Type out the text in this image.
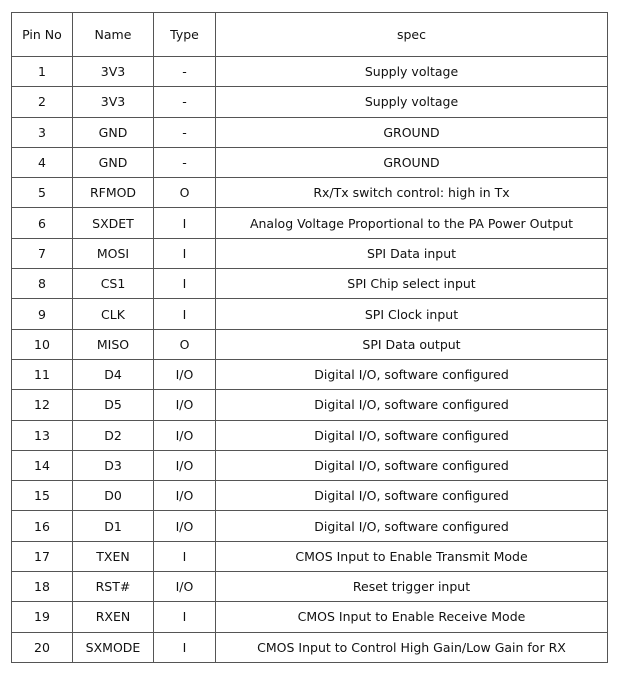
Pin No	Name	Type	spec
1	3V3	-	Supply voltage
2	3V3	-	Supply voltage
3	GND	-	GROUND
4	GND	-	GROUND
5	RFMOD	O	Rx/Tx switch control: high in Tx
6	SXDET	I	Analog Voltage Proportional to the PA Power Output
7	MOSI	I	SPI Data input
8	CS1	I	SPI Chip select input
9	CLK	I	SPI Clock input
10	MISO	O	SPI Data output
11	D4	I/O	Digital I/O, software configured
12	D5	I/O	Digital I/O, software configured
13	D2	I/O	Digital I/O, software configured
14	D3	I/O	Digital I/O, software configured
15	D0	I/O	Digital I/O, software configured
16	D1	I/O	Digital I/O, software configured
17	TXEN	I	CMOS Input to Enable Transmit Mode
18	RST#	I/O	Reset trigger input
19	RXEN	I	CMOS Input to Enable Receive Mode
20	SXMODE	I	CMOS Input to Control High Gain/Low Gain for RX
